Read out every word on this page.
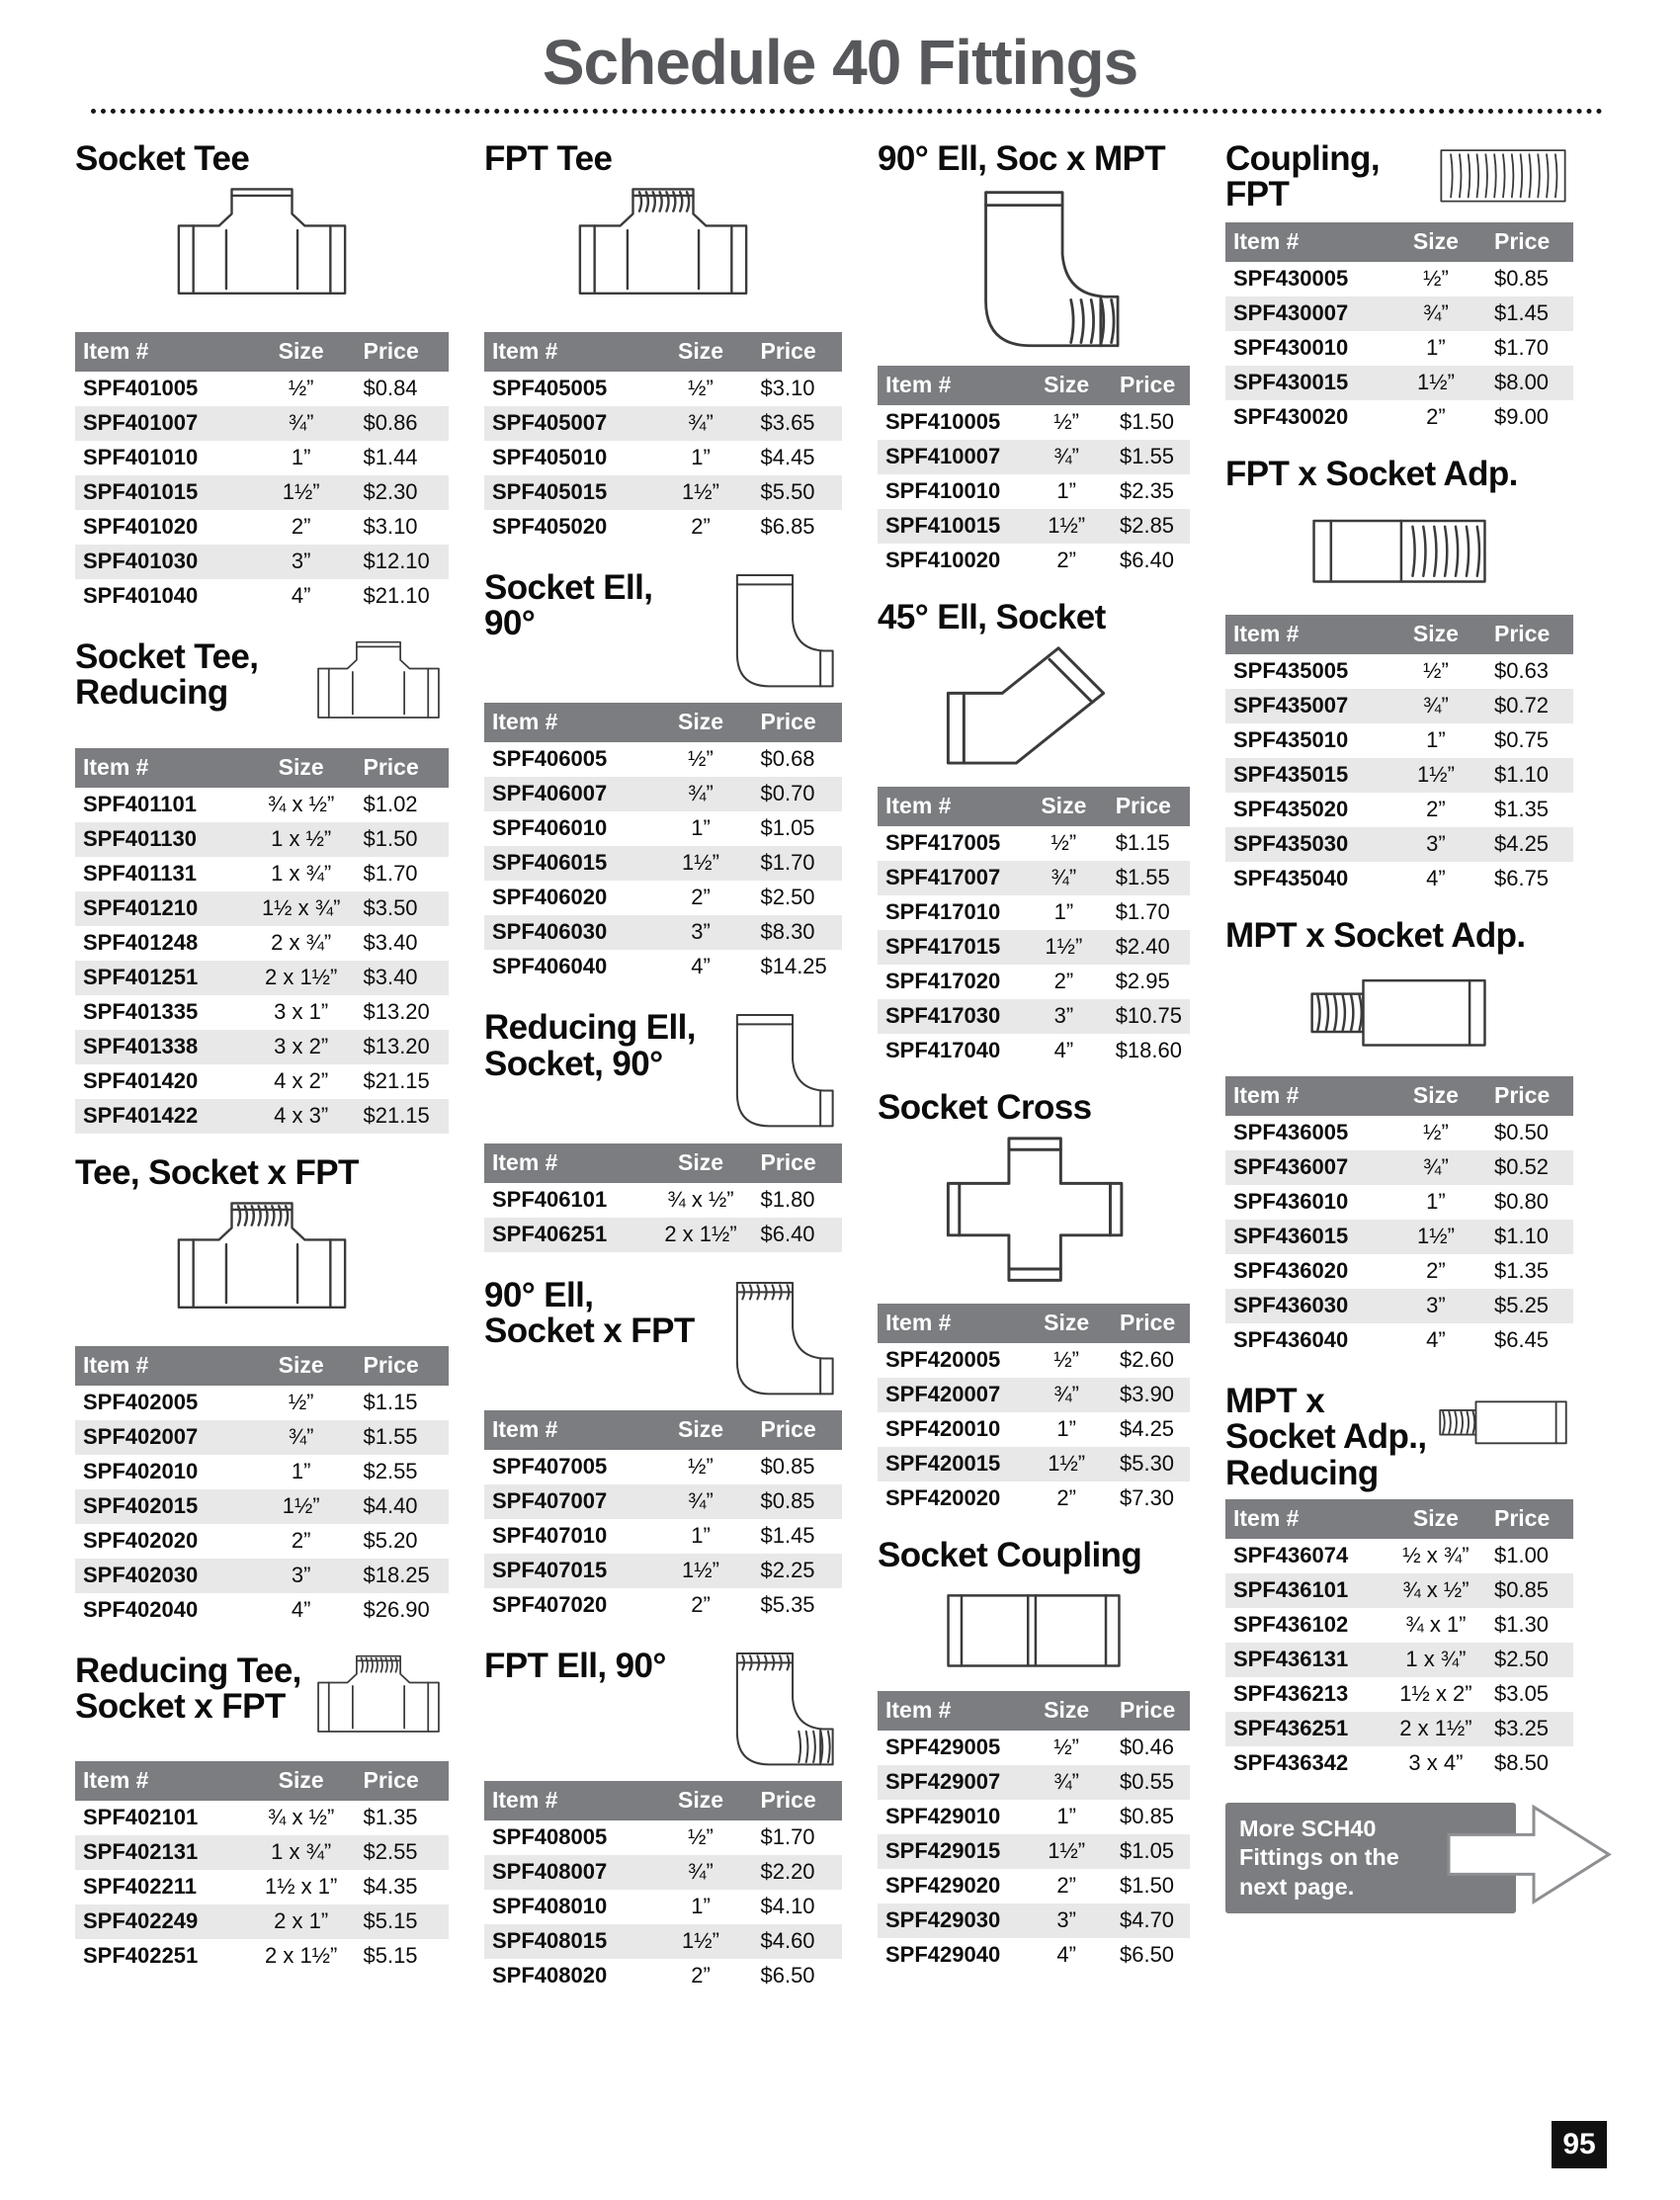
Schedule 40 Fittings
Socket Tee
Item #	Size	Price
SPF401005	½”	$0.84
SPF401007	¾”	$0.86
SPF401010	1”	$1.44
SPF401015	1½”	$2.30
SPF401020	2”	$3.10
SPF401030	3”	$12.10
SPF401040	4”	$21.10
Socket Tee, Reducing
Item #	Size	Price
SPF401101	¾ x ½”	$1.02
SPF401130	1 x ½”	$1.50
SPF401131	1 x ¾”	$1.70
SPF401210	1½ x ¾”	$3.50
SPF401248	2 x ¾”	$3.40
SPF401251	2 x 1½”	$3.40
SPF401335	3 x 1”	$13.20
SPF401338	3 x 2”	$13.20
SPF401420	4 x 2”	$21.15
SPF401422	4 x 3”	$21.15
Tee, Socket x FPT
Item #	Size	Price
SPF402005	½”	$1.15
SPF402007	¾”	$1.55
SPF402010	1”	$2.55
SPF402015	1½”	$4.40
SPF402020	2”	$5.20
SPF402030	3”	$18.25
SPF402040	4”	$26.90
Reducing Tee, Socket x FPT
Item #	Size	Price
SPF402101	¾ x ½”	$1.35
SPF402131	1 x ¾”	$2.55
SPF402211	1½ x 1”	$4.35
SPF402249	2 x 1”	$5.15
SPF402251	2 x 1½”	$5.15
FPT Tee
Item #	Size	Price
SPF405005	½”	$3.10
SPF405007	¾”	$3.65
SPF405010	1”	$4.45
SPF405015	1½”	$5.50
SPF405020	2”	$6.85
Socket Ell, 90°
Item #	Size	Price
SPF406005	½”	$0.68
SPF406007	¾”	$0.70
SPF406010	1”	$1.05
SPF406015	1½”	$1.70
SPF406020	2”	$2.50
SPF406030	3”	$8.30
SPF406040	4”	$14.25
Reducing Ell, Socket, 90°
Item #	Size	Price
SPF406101	¾ x ½”	$1.80
SPF406251	2 x 1½”	$6.40
90° Ell, Socket x FPT
Item #	Size	Price
SPF407005	½”	$0.85
SPF407007	¾”	$0.85
SPF407010	1”	$1.45
SPF407015	1½”	$2.25
SPF407020	2”	$5.35
FPT Ell, 90°
Item #	Size	Price
SPF408005	½”	$1.70
SPF408007	¾”	$2.20
SPF408010	1”	$4.10
SPF408015	1½”	$4.60
SPF408020	2”	$6.50
90° Ell, Soc x MPT
Item #	Size	Price
SPF410005	½”	$1.50
SPF410007	¾”	$1.55
SPF410010	1”	$2.35
SPF410015	1½”	$2.85
SPF410020	2”	$6.40
45° Ell, Socket
Item #	Size	Price
SPF417005	½”	$1.15
SPF417007	¾”	$1.55
SPF417010	1”	$1.70
SPF417015	1½”	$2.40
SPF417020	2”	$2.95
SPF417030	3”	$10.75
SPF417040	4”	$18.60
Socket Cross
Item #	Size	Price
SPF420005	½”	$2.60
SPF420007	¾”	$3.90
SPF420010	1”	$4.25
SPF420015	1½”	$5.30
SPF420020	2”	$7.30
Socket Coupling
Item #	Size	Price
SPF429005	½”	$0.46
SPF429007	¾”	$0.55
SPF429010	1”	$0.85
SPF429015	1½”	$1.05
SPF429020	2”	$1.50
SPF429030	3”	$4.70
SPF429040	4”	$6.50
Coupling, FPT
Item #	Size	Price
SPF430005	½”	$0.85
SPF430007	¾”	$1.45
SPF430010	1”	$1.70
SPF430015	1½”	$8.00
SPF430020	2”	$9.00
FPT x Socket Adp.
Item #	Size	Price
SPF435005	½”	$0.63
SPF435007	¾”	$0.72
SPF435010	1”	$0.75
SPF435015	1½”	$1.10
SPF435020	2”	$1.35
SPF435030	3”	$4.25
SPF435040	4”	$6.75
MPT x Socket Adp.
Item #	Size	Price
SPF436005	½”	$0.50
SPF436007	¾”	$0.52
SPF436010	1”	$0.80
SPF436015	1½”	$1.10
SPF436020	2”	$1.35
SPF436030	3”	$5.25
SPF436040	4”	$6.45
MPT x Socket Adp., Reducing
Item #	Size	Price
SPF436074	½ x ¾”	$1.00
SPF436101	¾ x ½”	$0.85
SPF436102	¾ x 1”	$1.30
SPF436131	1 x ¾”	$2.50
SPF436213	1½ x 2”	$3.05
SPF436251	2 x 1½”	$3.25
SPF436342	3 x 4”	$8.50
More SCH40 Fittings on the next page.
95
